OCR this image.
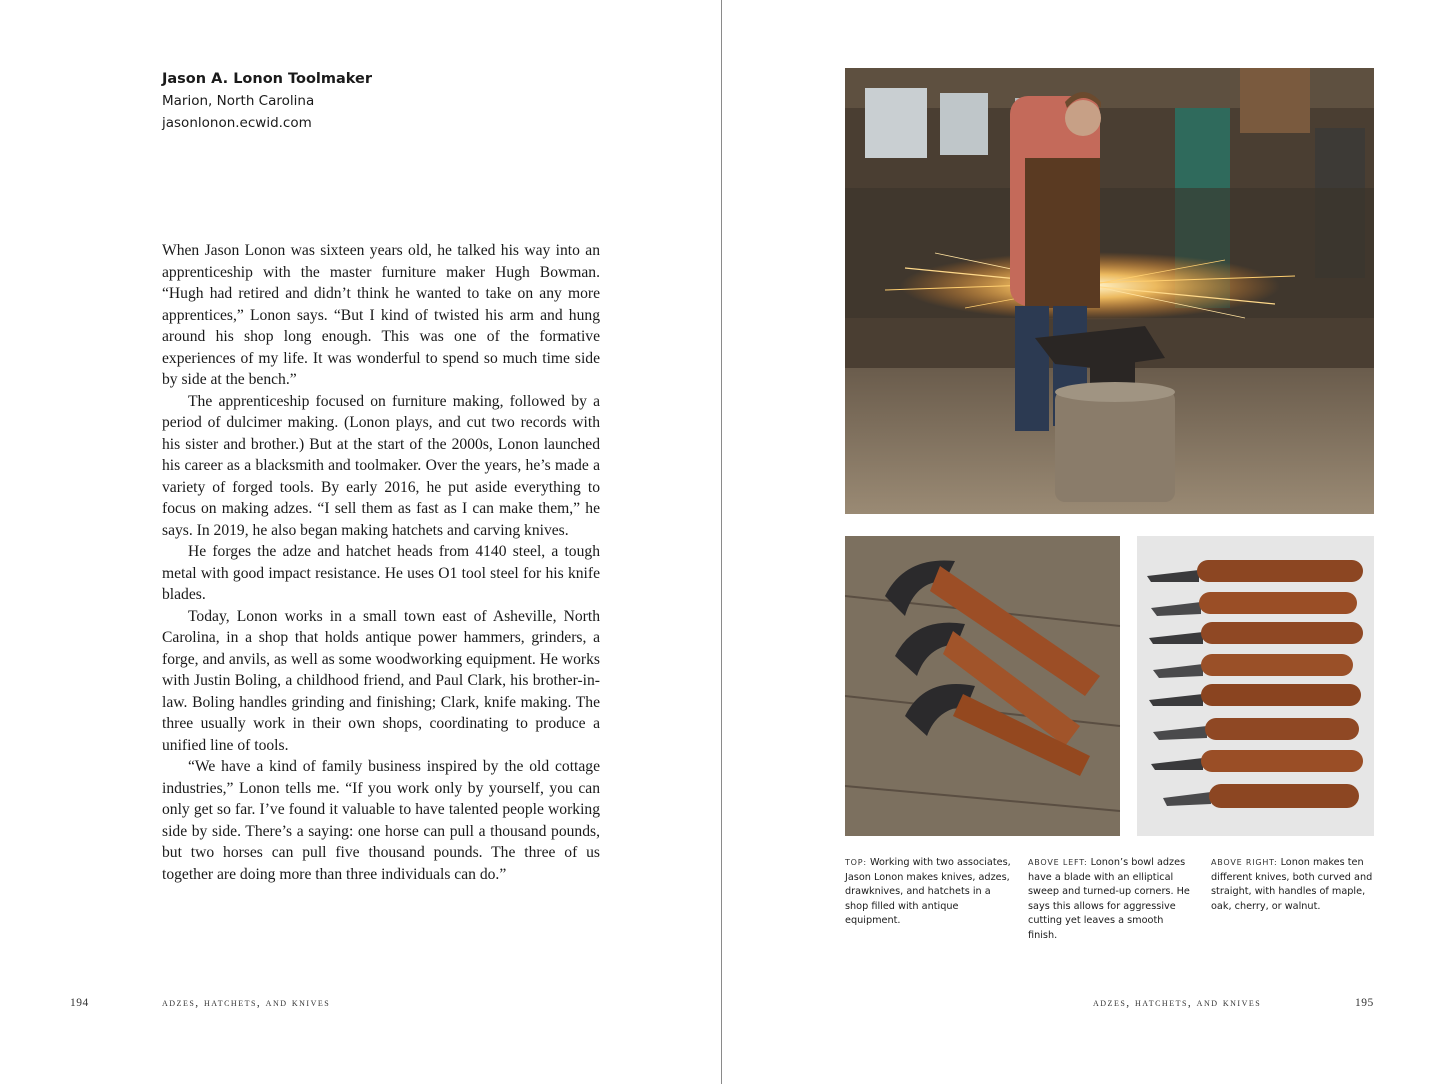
Jason A. Lonon Toolmaker
Marion, North Carolina
jasonlonon.ecwid.com

When Jason Lonon was sixteen years old, he talked his way into an apprenticeship with the master furniture maker Hugh Bowman. “Hugh had retired and didn’t think he wanted to take on any more apprentices,” Lonon says. “But I kind of twisted his arm and hung around his shop long enough. This was one of the formative experiences of my life. It was wonderful to spend so much time side by side at the bench.”

The apprenticeship focused on furniture making, followed by a period of dulcimer making. (Lonon plays, and cut two records with his sister and brother.) But at the start of the 2000s, Lonon launched his career as a blacksmith and toolmaker. Over the years, he’s made a variety of forged tools. By early 2016, he put aside everything to focus on making adzes. “I sell them as fast as I can make them,” he says. In 2019, he also began making hatchets and carving knives.

He forges the adze and hatchet heads from 4140 steel, a tough metal with good impact resistance. He uses O1 tool steel for his knife blades.

Today, Lonon works in a small town east of Asheville, North Carolina, in a shop that holds antique power hammers, grinders, a forge, and anvils, as well as some woodworking equipment. He works with Justin Boling, a childhood friend, and Paul Clark, his brother-in-law. Boling handles grinding and finishing; Clark, knife making. The three usually work in their own shops, coordinating to produce a unified line of tools.

“We have a kind of family business inspired by the old cottage industries,” Lonon tells me. “If you work only by yourself, you can only get so far. I’ve found it valuable to have talented people working side by side. There’s a saying: one horse can pull a thousand pounds, but two horses can pull five thousand pounds. The three of us together are doing more than three individuals can do.”

194	adzes, hatchets, and knives
TOP: Working with two associates, Jason Lonon makes knives, adzes, drawknives, and hatchets in a shop filled with antique equipment.
ABOVE LEFT: Lonon’s bowl adzes have a blade with an elliptical sweep and turned-up corners. He says this allows for aggressive cutting yet leaves a smooth finish.
ABOVE RIGHT: Lonon makes ten different knives, both curved and straight, with handles of maple, oak, cherry, or walnut.
adzes, hatchets, and knives	195
